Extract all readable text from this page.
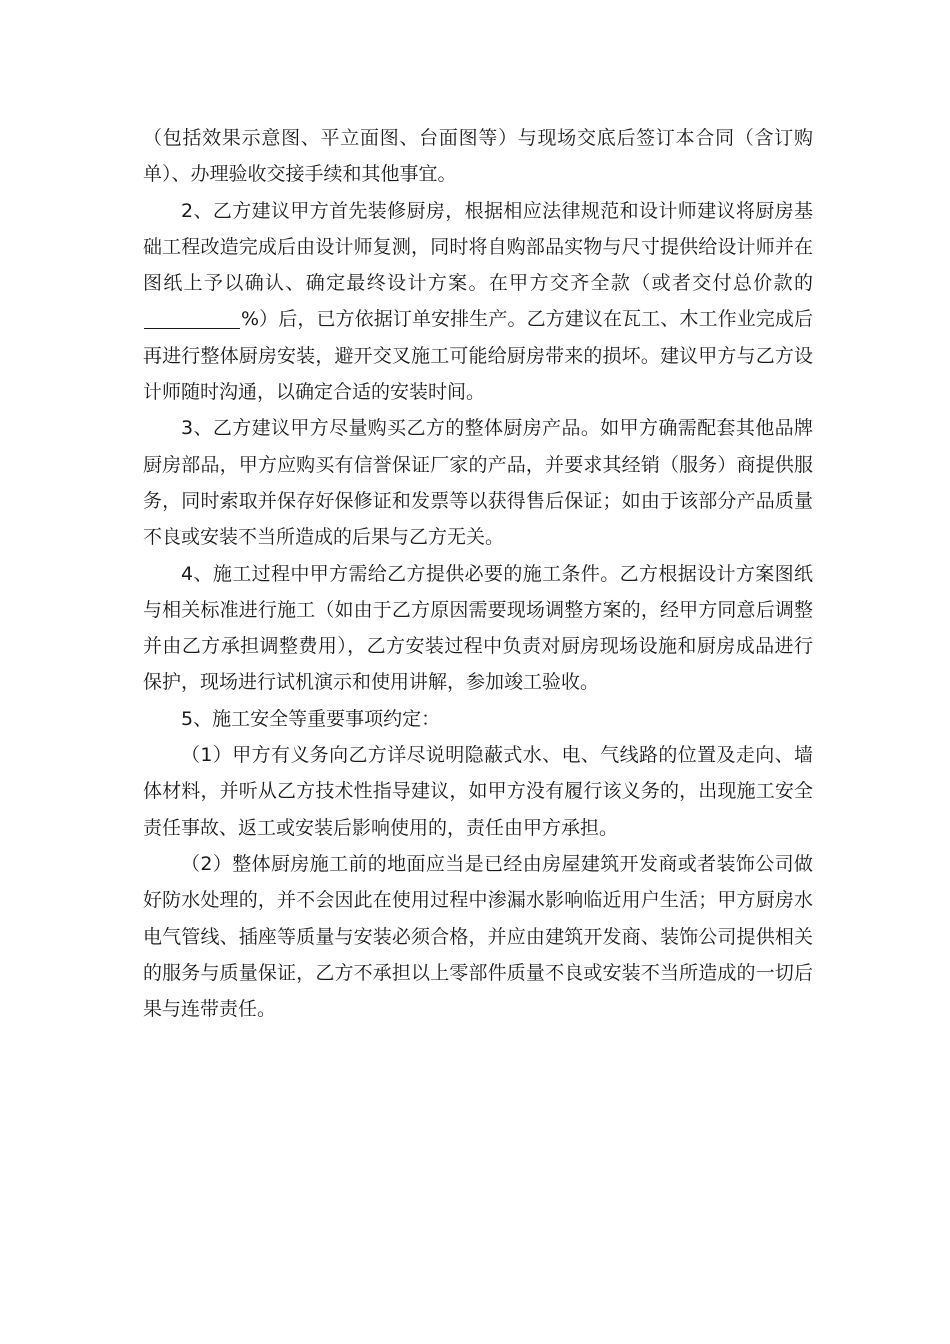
（包括效果示意图、平立面图、台面图等）与现场交底后签订本合同（含订购单）、办理验收交接手续和其他事宜。

2、乙方建议甲方首先装修厨房，根据相应法律规范和设计师建议将厨房基础工程改造完成后由设计师复测，同时将自购部品实物与尺寸提供给设计师并在图纸上予以确认、确定最终设计方案。在甲方交齐全款（或者交付总价款的%）后，已方依据订单安排生产。乙方建议在瓦工、木工作业完成后再进行整体厨房安装，避开交叉施工可能给厨房带来的损坏。建议甲方与乙方设计师随时沟通，以确定合适的安装时间。

3、乙方建议甲方尽量购买乙方的整体厨房产品。如甲方确需配套其他品牌厨房部品，甲方应购买有信誉保证厂家的产品，并要求其经销（服务）商提供服务，同时索取并保存好保修证和发票等以获得售后保证；如由于该部分产品质量不良或安装不当所造成的后果与乙方无关。

4、施工过程中甲方需给乙方提供必要的施工条件。乙方根据设计方案图纸与相关标准进行施工（如由于乙方原因需要现场调整方案的，经甲方同意后调整并由乙方承担调整费用），乙方安装过程中负责对厨房现场设施和厨房成品进行保护，现场进行试机演示和使用讲解，参加竣工验收。

5、施工安全等重要事项约定：

（1）甲方有义务向乙方详尽说明隐蔽式水、电、气线路的位置及走向、墙体材料，并听从乙方技术性指导建议，如甲方没有履行该义务的，出现施工安全责任事故、返工或安装后影响使用的，责任由甲方承担。

（2）整体厨房施工前的地面应当是已经由房屋建筑开发商或者装饰公司做好防水处理的，并不会因此在使用过程中渗漏水影响临近用户生活；甲方厨房水电气管线、插座等质量与安装必须合格，并应由建筑开发商、装饰公司提供相关的服务与质量保证，乙方不承担以上零部件质量不良或安装不当所造成的一切后果与连带责任。
